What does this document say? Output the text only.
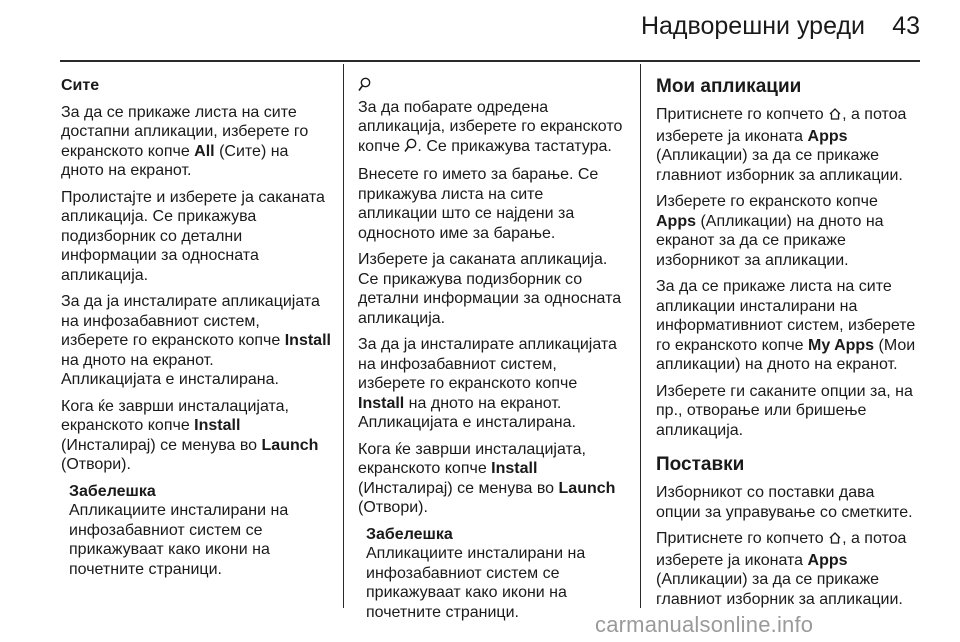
Надворешни уреди 43

Сите

За да се прикаже листа на сите достапни апликации, изберете го екранското копче All (Сите) на дното на екранот.

Пролистајте и изберете ја саканата апликација. Се прикажува подизборник со детални информации за односната апликација.

За да ја инсталирате апликацијата на инфозабавниот систем, изберете го екранското копче Install на дното на екранот.

Апликацијата е инсталирана.

Кога ќе заврши инсталацијата, екранското копче Install (Инсталирај) се менува во Launch (Отвори).

Забелешка

Апликациите инсталирани на инфозабавниот систем се прикажуваат како икони на почетните страници.

За да побарате одредена апликација, изберете го екранското копче . Се прикажува тастатура.

Внесете го името за барање. Се прикажува листа на сите апликации што се најдени за односното име за барање.

Изберете ја саканата апликација. Се прикажува подизборник со детални информации за односната апликација.

За да ја инсталирате апликацијата на инфозабавниот систем, изберете го екранското копче Install на дното на екранот.

Апликацијата е инсталирана.

Кога ќе заврши инсталацијата, екранското копче Install (Инсталирај) се менува во Launch (Отвори).

Забелешка

Апликациите инсталирани на инфозабавниот систем се прикажуваат како икони на почетните страници.

Мои апликации

Притиснете го копчето , а потоа изберете ја иконата Apps (Апликации) за да се прикаже главниот изборник за апликации.

Изберете го екранското копче Apps (Апликации) на дното на екранот за да се прикаже изборникот за апликации.

За да се прикаже листа на сите апликации инсталирани на информативниот систем, изберете го екранското копче My Apps (Мои апликации) на дното на екранот.

Изберете ги саканите опции за, на пр., отворање или бришење апликација.

Поставки

Изборникот со поставки дава опции за управување со сметките.

Притиснете го копчето , а потоа изберете ја иконата Apps (Апликации) за да се прикаже главниот изборник за апликации.

carmanualsonline.info
